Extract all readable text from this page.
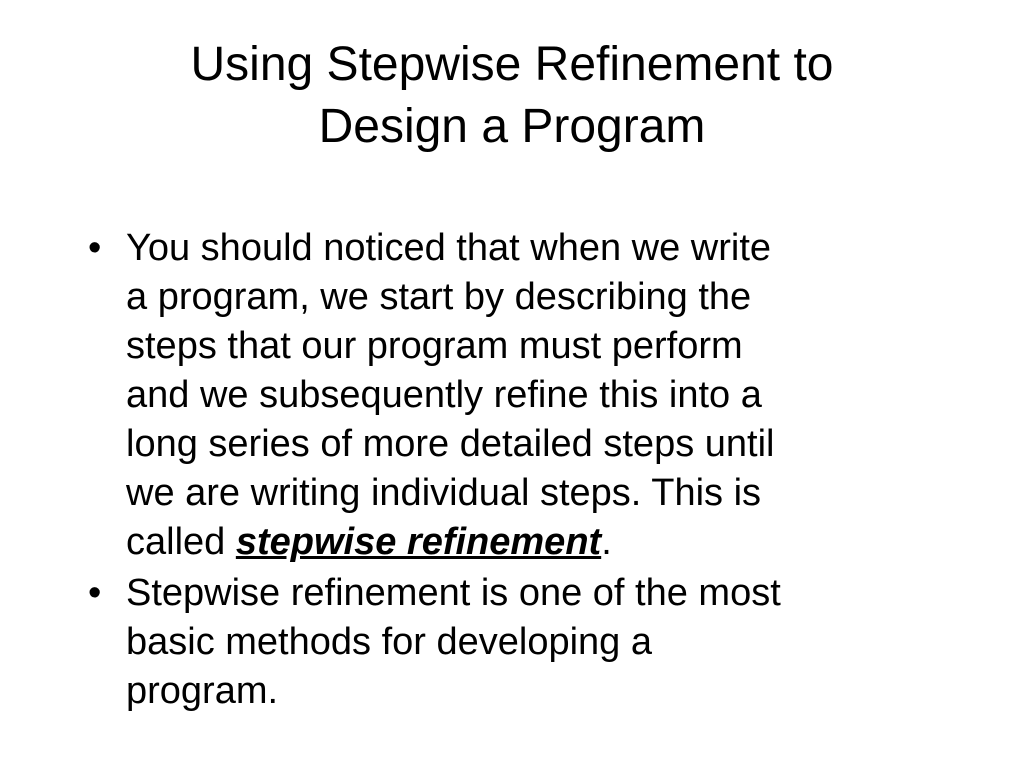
Using Stepwise Refinement to
Design a Program
• You should noticed that when we write
a program, we start by describing the
steps that our program must perform
and we subsequently refine this into a
long series of more detailed steps until
we are writing individual steps. This is
called stepwise refinement.
• Stepwise refinement is one of the most
basic methods for developing a
program.
